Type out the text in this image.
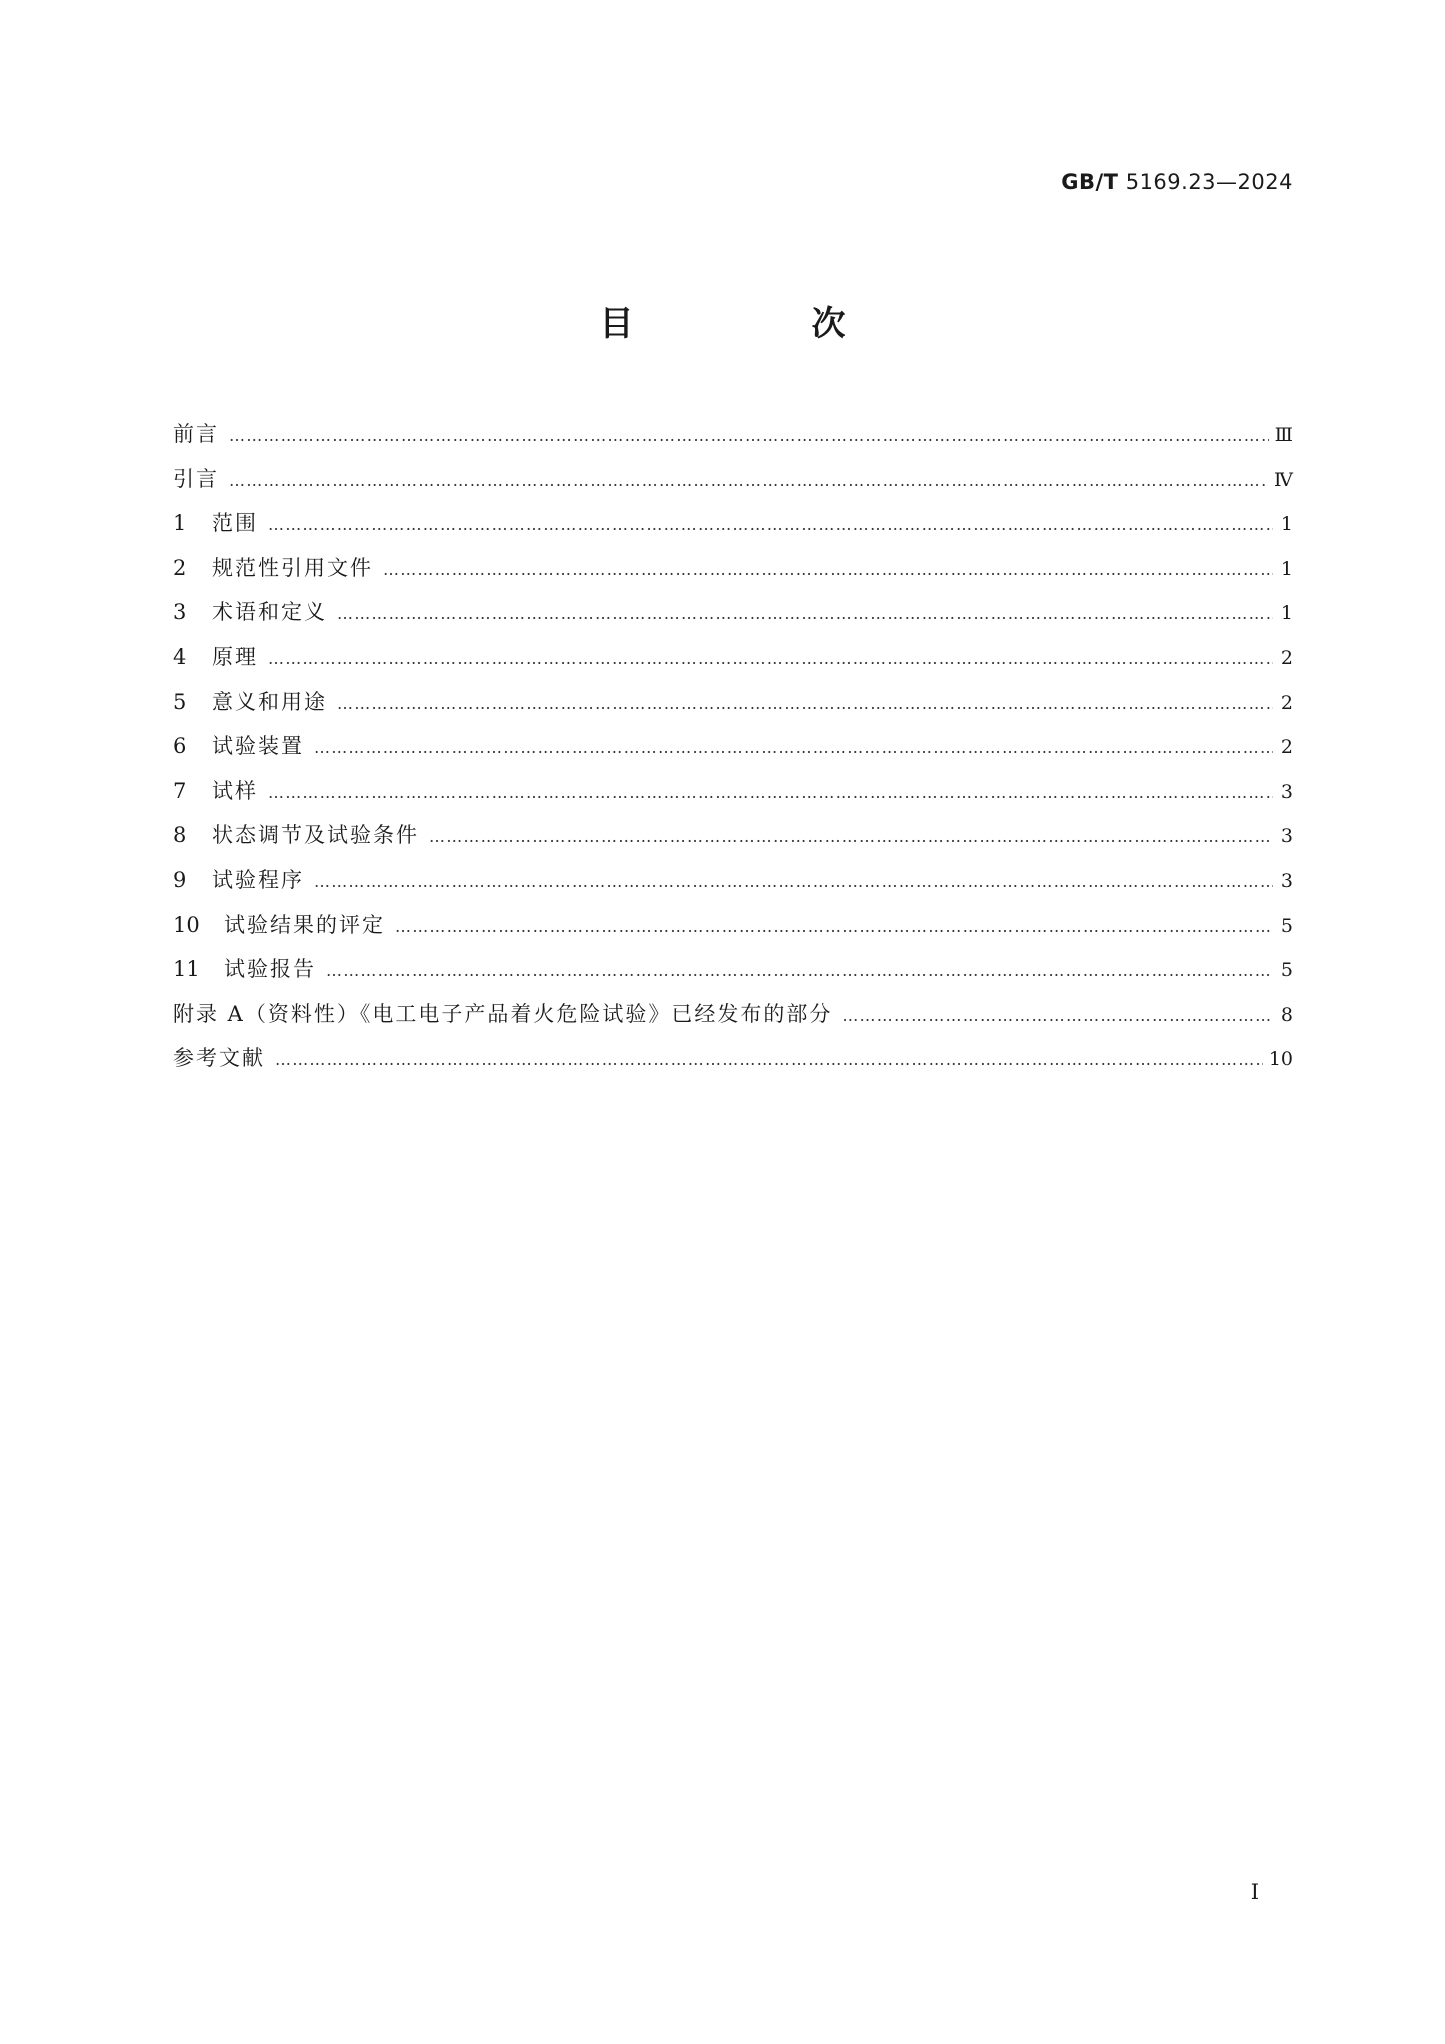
GB/T 5169.23—2024
目　次
前言 ……………………………………………………………………………………………………………………………………………………………………………………………………………	Ⅲ
引言 ……………………………………………………………………………………………………………………………………………………………………………………………………………	Ⅳ
1	范围 ……………………………………………………………………………………………………………………………………………………………………………………………………………	1
2	规范性引用文件 ……………………………………………………………………………………………………………………………………………………………………………………………………………	1
3	术语和定义 ……………………………………………………………………………………………………………………………………………………………………………………………………………	1
4	原理 ……………………………………………………………………………………………………………………………………………………………………………………………………………	2
5	意义和用途 ……………………………………………………………………………………………………………………………………………………………………………………………………………	2
6	试验装置 ……………………………………………………………………………………………………………………………………………………………………………………………………………	2
7	试样 ……………………………………………………………………………………………………………………………………………………………………………………………………………	3
8	状态调节及试验条件 ……………………………………………………………………………………………………………………………………………………………………………………………………………	3
9	试验程序 ……………………………………………………………………………………………………………………………………………………………………………………………………………	3
10	试验结果的评定 ……………………………………………………………………………………………………………………………………………………………………………………………………………	5
11	试验报告 ……………………………………………………………………………………………………………………………………………………………………………………………………………	5
附录 A（资料性）《电工电子产品着火危险试验》已经发布的部分 ……………………………………………………………………………………………………………………………………………………………………………………………………………	8
参考文献 ……………………………………………………………………………………………………………………………………………………………………………………………………………	10
Ⅰ
